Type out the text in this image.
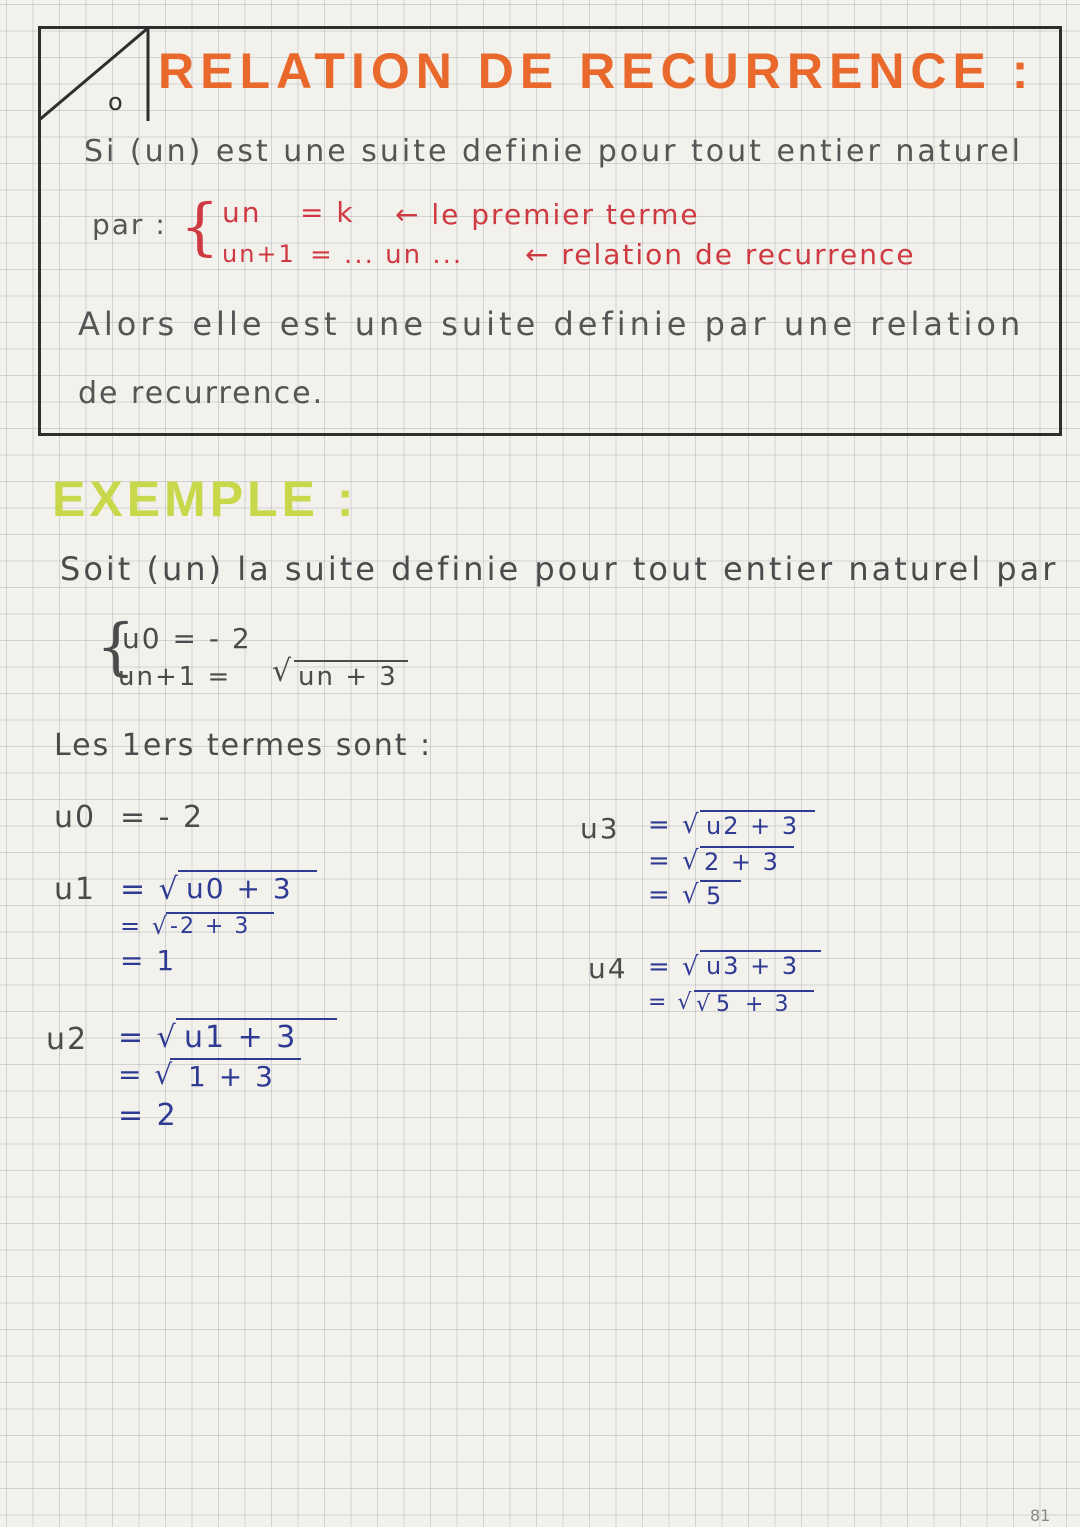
o
RELATION DE RECURRENCE :
Si (un) est une suite definie pour tout entier naturel
par : { un = k ← le premier terme
un+1 = ... un ... ← relation de recurrence
Alors elle est une suite definie par une relation
de recurrence.
EXEMPLE :
Soit (un) la suite definie pour tout entier naturel par
{
u0 = - 2
un+1 = √ un + 3
Les 1ers termes sont :
u0 = - 2
u1 = √ u0 + 3
= √ -2 + 3
= 1
u2 = √ u1 + 3
= √ 1 + 3
= 2
u3 = √ u2 + 3
= √ 2 + 3
= √ 5
u4 = √ u3 + 3
= √ √ 5 + 3
81
